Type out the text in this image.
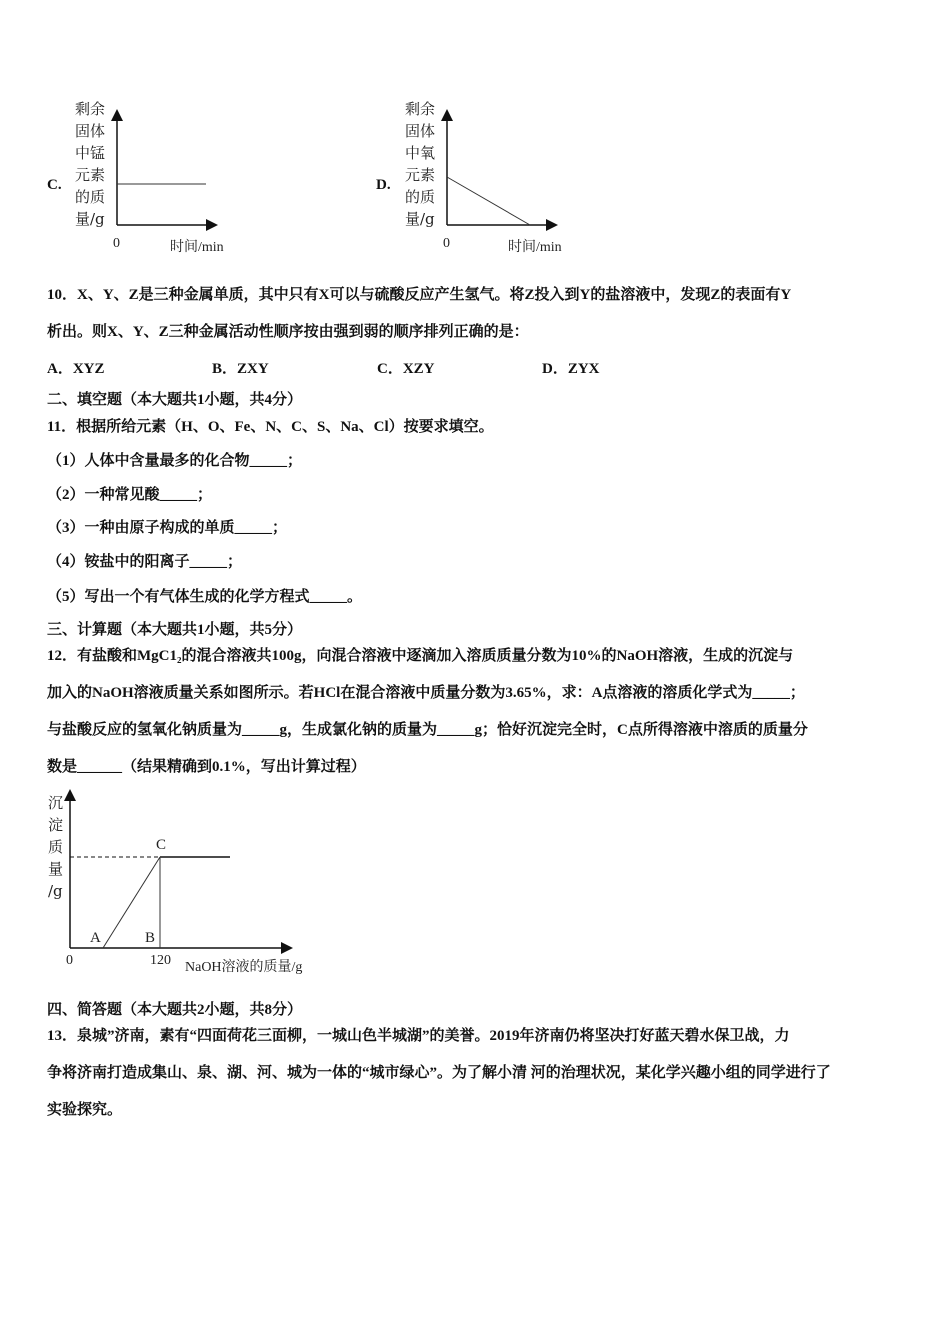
C.
剩余
固体
中锰
元素
的质
量/g
0	时间/min
D.
剩余
固体
中氧
元素
的质
量/g
0	时间/min
10．X、Y、Z是三种金属单质，其中只有X可以与硫酸反应产生氢气。将Z投入到Y的盐溶液中，发现Z的表面有Y
析出。则X、Y、Z三种金属活动性顺序按由强到弱的顺序排列正确的是：
A．XYZ	B．ZXY	C．XZY	D．ZYX
二、填空题（本大题共1小题，共4分）
11．根据所给元素（H、O、Fe、N、C、S、Na、Cl）按要求填空。
（1）人体中含量最多的化合物_____；
（2）一种常见酸_____；
（3）一种由原子构成的单质_____；
（4）铵盐中的阳离子_____；
（5）写出一个有气体生成的化学方程式_____。
三、计算题（本大题共1小题，共5分）
12．有盐酸和MgC1₂的混合溶液共100g，向混合溶液中逐滴加入溶质质量分数为10%的NaOH溶液，生成的沉淀与
加入的NaOH溶液质量关系如图所示。若HCl在混合溶液中质量分数为3.65%，求：A点溶液的溶质化学式为_____；
与盐酸反应的氢氧化钠质量为_____g，生成氯化钠的质量为_____g；恰好沉淀完全时，C点所得溶液中溶质的质量分
数是______（结果精确到0.1%，写出计算过程）
沉
淀
质
量
/g
A	B
C
0	120 NaOH溶液的质量/g
四、简答题（本大题共2小题，共8分）
13．泉城”济南，素有“四面荷花三面柳，一城山色半城湖”的美誉。2019年济南仍将坚决打好蓝天碧水保卫战，力
争将济南打造成集山、泉、湖、河、城为一体的“城市绿心”。为了解小清 河的治理状况，某化学兴趣小组的同学进行了
实验探究。
